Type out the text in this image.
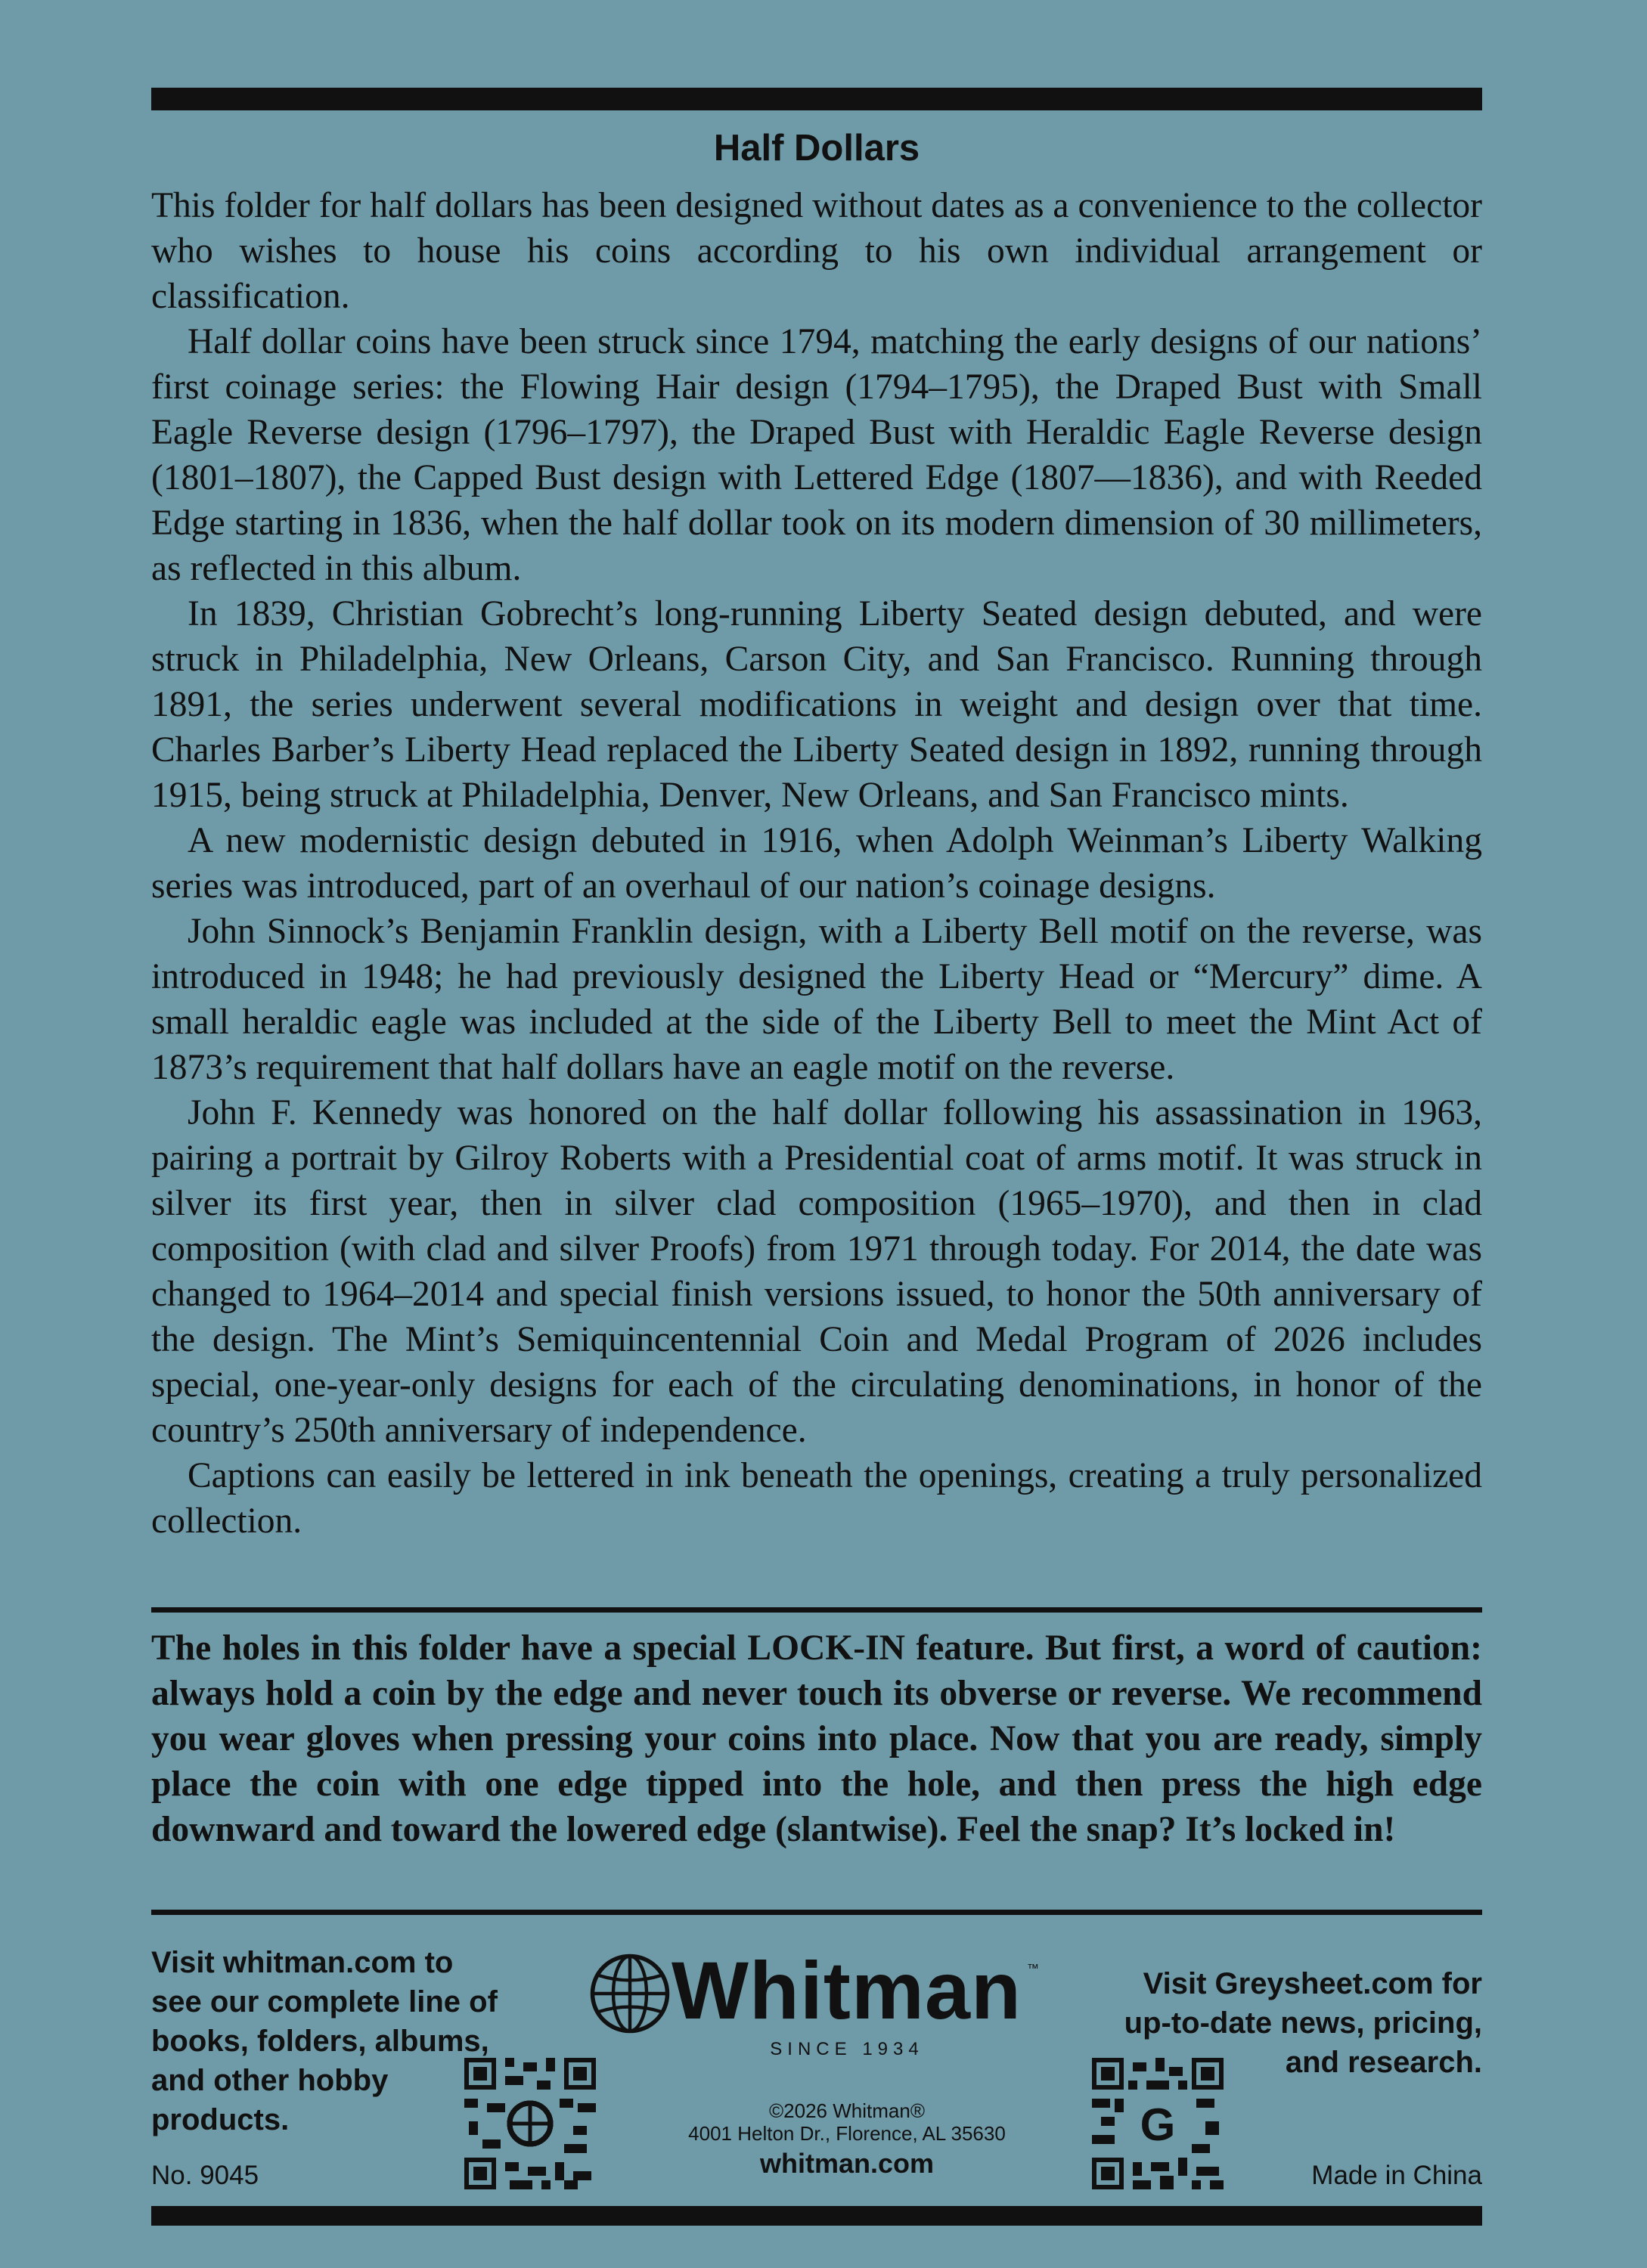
Half Dollars

This folder for half dollars has been designed without dates as a convenience to the collector who wishes to house his coins according to his own individual arrangement or classification.

Half dollar coins have been struck since 1794, matching the early designs of our nations’ first coinage series: the Flowing Hair design (1794–1795), the Draped Bust with Small Eagle Reverse design (1796–1797), the Draped Bust with Heraldic Eagle Reverse design (1801–1807), the Capped Bust design with Lettered Edge (1807—1836), and with Reeded Edge starting in 1836, when the half dollar took on its modern dimension of 30 millimeters, as reflected in this album.

In 1839, Christian Gobrecht’s long-running Liberty Seated design debuted, and were struck in Philadelphia, New Orleans, Carson City, and San Francisco. Running through 1891, the series underwent several modifications in weight and design over that time. Charles Barber’s Liberty Head replaced the Liberty Seated design in 1892, running through 1915, being struck at Philadelphia, Denver, New Orleans, and San Francisco mints.

A new modernistic design debuted in 1916, when Adolph Weinman’s Liberty Walking series was introduced, part of an overhaul of our nation’s coinage designs.

John Sinnock’s Benjamin Franklin design, with a Liberty Bell motif on the reverse, was introduced in 1948; he had previously designed the Liberty Head or “Mercury” dime. A small heraldic eagle was included at the side of the Liberty Bell to meet the Mint Act of 1873’s requirement that half dollars have an eagle motif on the reverse.

John F. Kennedy was honored on the half dollar following his assassination in 1963, pairing a portrait by Gilroy Roberts with a Presidential coat of arms motif. It was struck in silver its first year, then in silver clad composition (1965–1970), and then in clad composition (with clad and silver Proofs) from 1971 through today. For 2014, the date was changed to 1964–2014 and special finish versions issued, to honor the 50th anniversary of the design. The Mint’s Semiquincentennial Coin and Medal Program of 2026 includes special, one-year-only designs for each of the circulating denominations, in honor of the country’s 250th anniversary of independence.

Captions can easily be lettered in ink beneath the openings, creating a truly personalized collection.

The holes in this folder have a special LOCK-IN feature. But first, a word of caution: always hold a coin by the edge and never touch its obverse or reverse. We recommend you wear gloves when pressing your coins into place. Now that you are ready, simply place the coin with one edge tipped into the hole, and then press the high edge downward and toward the lowered edge (slantwise). Feel the snap? It’s locked in!

Visit whitman.com to see our complete line of books, folders, albums, and other hobby products.
Whitman ™
SINCE 1934
©2026 Whitman®
4001 Helton Dr., Florence, AL 35630
whitman.com
G
Visit Greysheet.com for up-to-date news, pricing, and research.
No. 9045	Made in China
